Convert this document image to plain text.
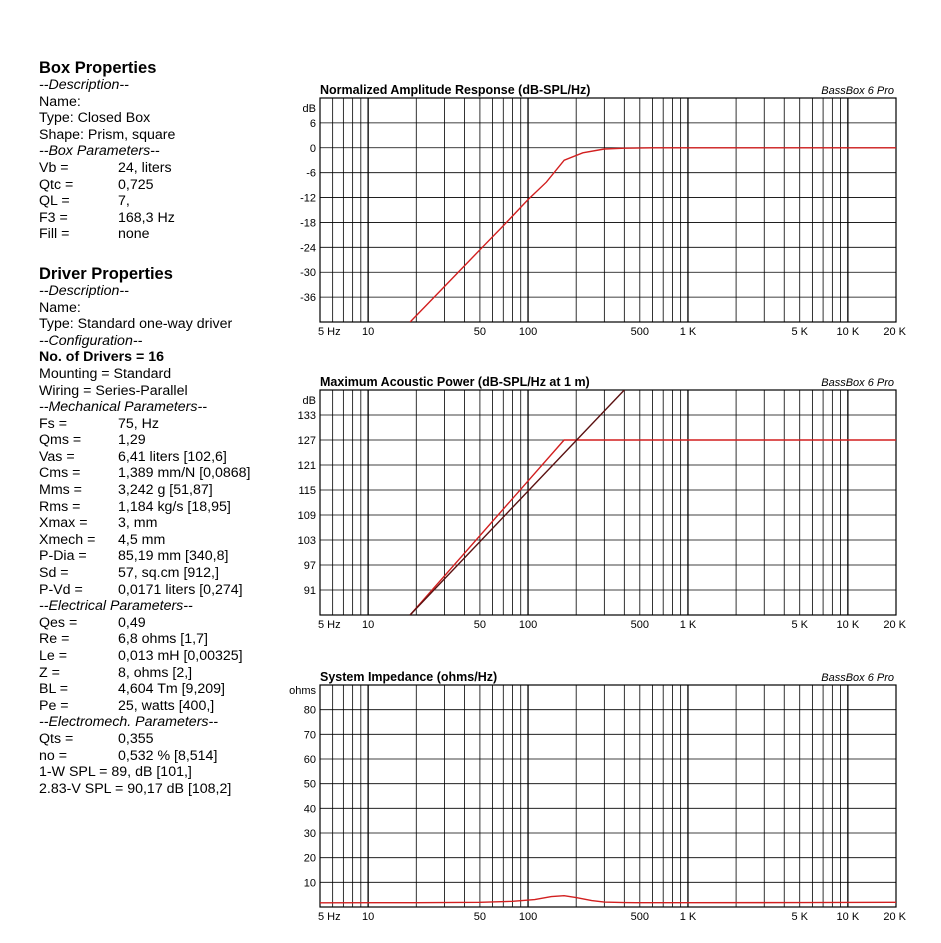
Box Properties
--Description--
Name:
Type: Closed Box
Shape: Prism, square
--Box Parameters--
Vb =	24, liters
Qtc =	0,725
QL =	7,
F3 =	168,3 Hz
Fill =	none
Driver Properties
--Description--
Name:
Type: Standard one-way driver
--Configuration--
No. of Drivers = 16
Mounting = Standard
Wiring = Series-Parallel
--Mechanical Parameters--
Fs =	75, Hz
Qms =	1,29
Vas =	6,41 liters [102,6]
Cms =	1,389 mm/N [0,0868]
Mms =	3,242 g [51,87]
Rms =	1,184 kg/s [18,95]
Xmax = 3, mm
Xmech = 4,5 mm
P-Dia = 85,19 mm [340,8]
Sd =	57, sq.cm [912,]
P-Vd = 0,0171 liters [0,274]
--Electrical Parameters--
Qes =	0,49
Re =	6,8 ohms [1,7]
Le =	0,013 mH [0,00325]
Z =	8, ohms [2,]
BL =	4,604 Tm [9,209]
Pe =	25, watts [400,]
--Electromech. Parameters--
Qts =	0,355
no =	0,532 % [8,514]
1-W SPL = 89, dB [101,]
2.83-V SPL = 90,17 dB [108,2]
Normalized Amplitude Response (dB-SPL/Hz)	BassBox 6 Pro
dB
6
0
-6
-12
-18
-24
-30
-36
5 Hz 10	50	100	500	1 K	5 K	10 K 20 K
Maximum Acoustic Power (dB-SPL/Hz at 1 m)	BassBox 6 Pro
dB
133
127
121
115
109
103
97
91
5 Hz 10	50	100	500	1 K	5 K	10 K 20 K
System Impedance (ohms/Hz)	BassBox 6 Pro
ohms
80
70
60
50
40
30
20
10
5 Hz 10	50	100	500	1 K	5 K	10 K 20 K
